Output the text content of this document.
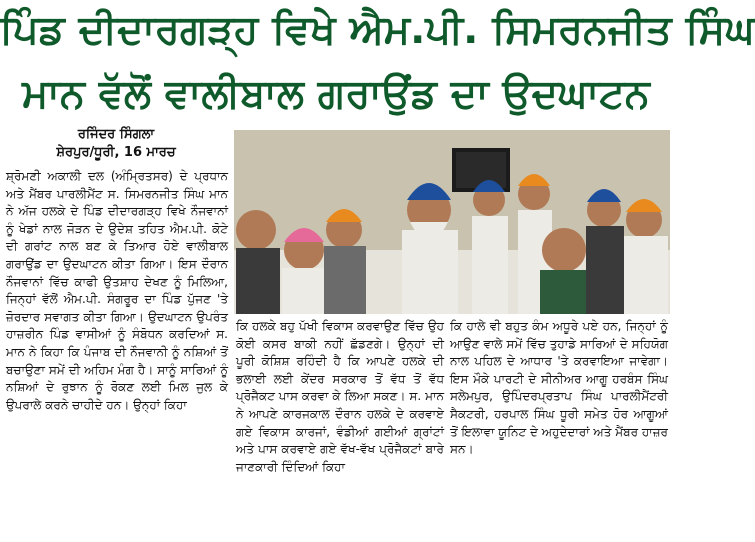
ਪਿੰਡ ਦੀਦਾਰਗੜ੍ਹ ਵਿਖੇ ਐਮ.ਪੀ. ਸਿਮਰਨਜੀਤ ਸਿੰਘ
ਮਾਨ ਵੱਲੋਂ ਵਾਲੀਬਾਲ ਗਰਾਉਂਡ ਦਾ ਉਦਘਾਟਨ
ਰਜਿੰਦਰ ਸਿੰਗਲਾ
ਸ਼ੇਰਪੁਰ/ਧੂਰੀ, 16 ਮਾਰਚ
ਸ਼੍ਰੋਮਣੀ ਅਕਾਲੀ ਦਲ (ਅੰਮ੍ਰਿਤਸਰ) ਦੇ ਪ੍ਰਧਾਨ ਅਤੇ ਮੈਂਬਰ ਪਾਰਲੀਮੈਂਟ ਸ. ਸਿਮਰਨਜੀਤ ਸਿੰਘ ਮਾਨ ਨੇ ਅੱਜ ਹਲਕੇ ਦੇ ਪਿੰਡ ਦੀਦਾਰਗੜ੍ਹ ਵਿਖੇ ਨੌਜਵਾਨਾਂ ਨੂੰ ਖੇਡਾਂ ਨਾਲ ਜੋੜਨ ਦੇ ਉਦੇਸ਼ ਤਹਿਤ ਐਮ.ਪੀ. ਕੋਟੇ ਦੀ ਗਰਾਂਟ ਨਾਲ ਬਣ ਕੇ ਤਿਆਰ ਹੋਏ ਵਾਲੀਬਾਲ ਗਰਾਉਂਡ ਦਾ ਉਦਘਾਟਨ ਕੀਤਾ ਗਿਆ। ਇਸ ਦੌਰਾਨ ਨੌਜਵਾਨਾਂ ਵਿੱਚ ਕਾਫੀ ਉਤਸ਼ਾਹ ਦੇਖਣ ਨੂੰ ਮਿਲਿਆ, ਜਿਨ੍ਹਾਂ ਵੱਲੋਂ ਐਮ.ਪੀ. ਸੰਗਰੂਰ ਦਾ ਪਿੰਡ ਪੁੱਜਣ 'ਤੇ ਜ਼ੋਰਦਾਰ ਸਵਾਗਤ ਕੀਤਾ ਗਿਆ। ਉਦਘਾਟਨ ਉਪਰੰਤ ਹਾਜ਼ਰੀਨ ਪਿੰਡ ਵਾਸੀਆਂ ਨੂੰ ਸੰਬੋਧਨ ਕਰਦਿਆਂ ਸ. ਮਾਨ ਨੇ ਕਿਹਾ ਕਿ ਪੰਜਾਬ ਦੀ ਨੌਜਵਾਨੀ ਨੂੰ ਨਸ਼ਿਆਂ ਤੋਂ ਬਚਾਉਣਾ ਸਮੇਂ ਦੀ ਅਹਿਮ ਮੰਗ ਹੈ। ਸਾਨੂੰ ਸਾਰਿਆਂ ਨੂੰ ਨਸ਼ਿਆਂ ਦੇ ਰੁਝਾਨ ਨੂੰ ਰੋਕਣ ਲਈ ਮਿਲ ਜੁਲ ਕੇ ਉਪਰਾਲੇ ਕਰਨੇ ਚਾਹੀਦੇ ਹਨ। ਉਨ੍ਹਾਂ ਕਿਹਾ
ਕਿ ਹਲਕੇ ਬਹੁ ਪੱਖੀ ਵਿਕਾਸ ਕਰਵਾਉਣ ਵਿੱਚ ਉਹ ਕੋਈ ਕਸਰ ਬਾਕੀ ਨਹੀਂ ਛੱਡਣਗੇ। ਉਨ੍ਹਾਂ ਦੀ ਪੂਰੀ ਕੋਸ਼ਿਸ਼ ਰਹਿੰਦੀ ਹੈ ਕਿ ਆਪਣੇ ਹਲਕੇ ਦੀ ਭਲਾਈ ਲਈ ਕੇਂਦਰ ਸਰਕਾਰ ਤੋਂ ਵੱਧ ਤੋਂ ਵੱਧ ਪ੍ਰੋਜੈਕਟ ਪਾਸ ਕਰਵਾ ਕੇ ਲਿਆ ਸਕਣ। ਸ. ਮਾਨ ਨੇ ਆਪਣੇ ਕਾਰਜਕਾਲ ਦੌਰਾਨ ਹਲਕੇ ਦੇ ਕਰਵਾਏ ਗਏ ਵਿਕਾਸ ਕਾਰਜਾਂ, ਵੰਡੀਆਂ ਗਈਆਂ ਗ੍ਰਾਂਟਾਂ ਅਤੇ ਪਾਸ ਕਰਵਾਏ ਗਏ ਵੱਖ-ਵੱਖ ਪ੍ਰੋਜੈਕਟਾਂ ਬਾਰੇ ਜਾਣਕਾਰੀ ਦਿੰਦਿਆਂ ਕਿਹਾ
ਕਿ ਹਾਲੇ ਵੀ ਬਹੁਤ ਕੰਮ ਅਧੂਰੇ ਪਏ ਹਨ, ਜਿਨ੍ਹਾਂ ਨੂੰ ਆਉਣ ਵਾਲੇ ਸਮੇਂ ਵਿੱਚ ਤੁਹਾਡੇ ਸਾਰਿਆਂ ਦੇ ਸਹਿਯੋਗ ਨਾਲ ਪਹਿਲ ਦੇ ਆਧਾਰ 'ਤੇ ਕਰਵਾਇਆ ਜਾਵੇਗਾ। ਇਸ ਮੌਕੇ ਪਾਰਟੀ ਦੇ ਸੀਨੀਅਰ ਆਗੂ ਹਰਬੰਸ ਸਿੰਘ ਸਲੇਮਪੁਰ, ਉਪਿੰਦਰਪ੍ਰਤਾਪ ਸਿੰਘ ਪਾਰਲੀਮੈਂਟਰੀ ਸੈਕਟਰੀ, ਹਰਪਾਲ ਸਿੰਘ ਧੂਰੀ ਸਮੇਤ ਹੋਰ ਆਗੂਆਂ ਤੋਂ ਇਲਾਵਾ ਯੂਨਿਟ ਦੇ ਅਹੁਦੇਦਾਰਾਂ ਅਤੇ ਮੈਂਬਰ ਹਾਜ਼ਰ ਸਨ।
